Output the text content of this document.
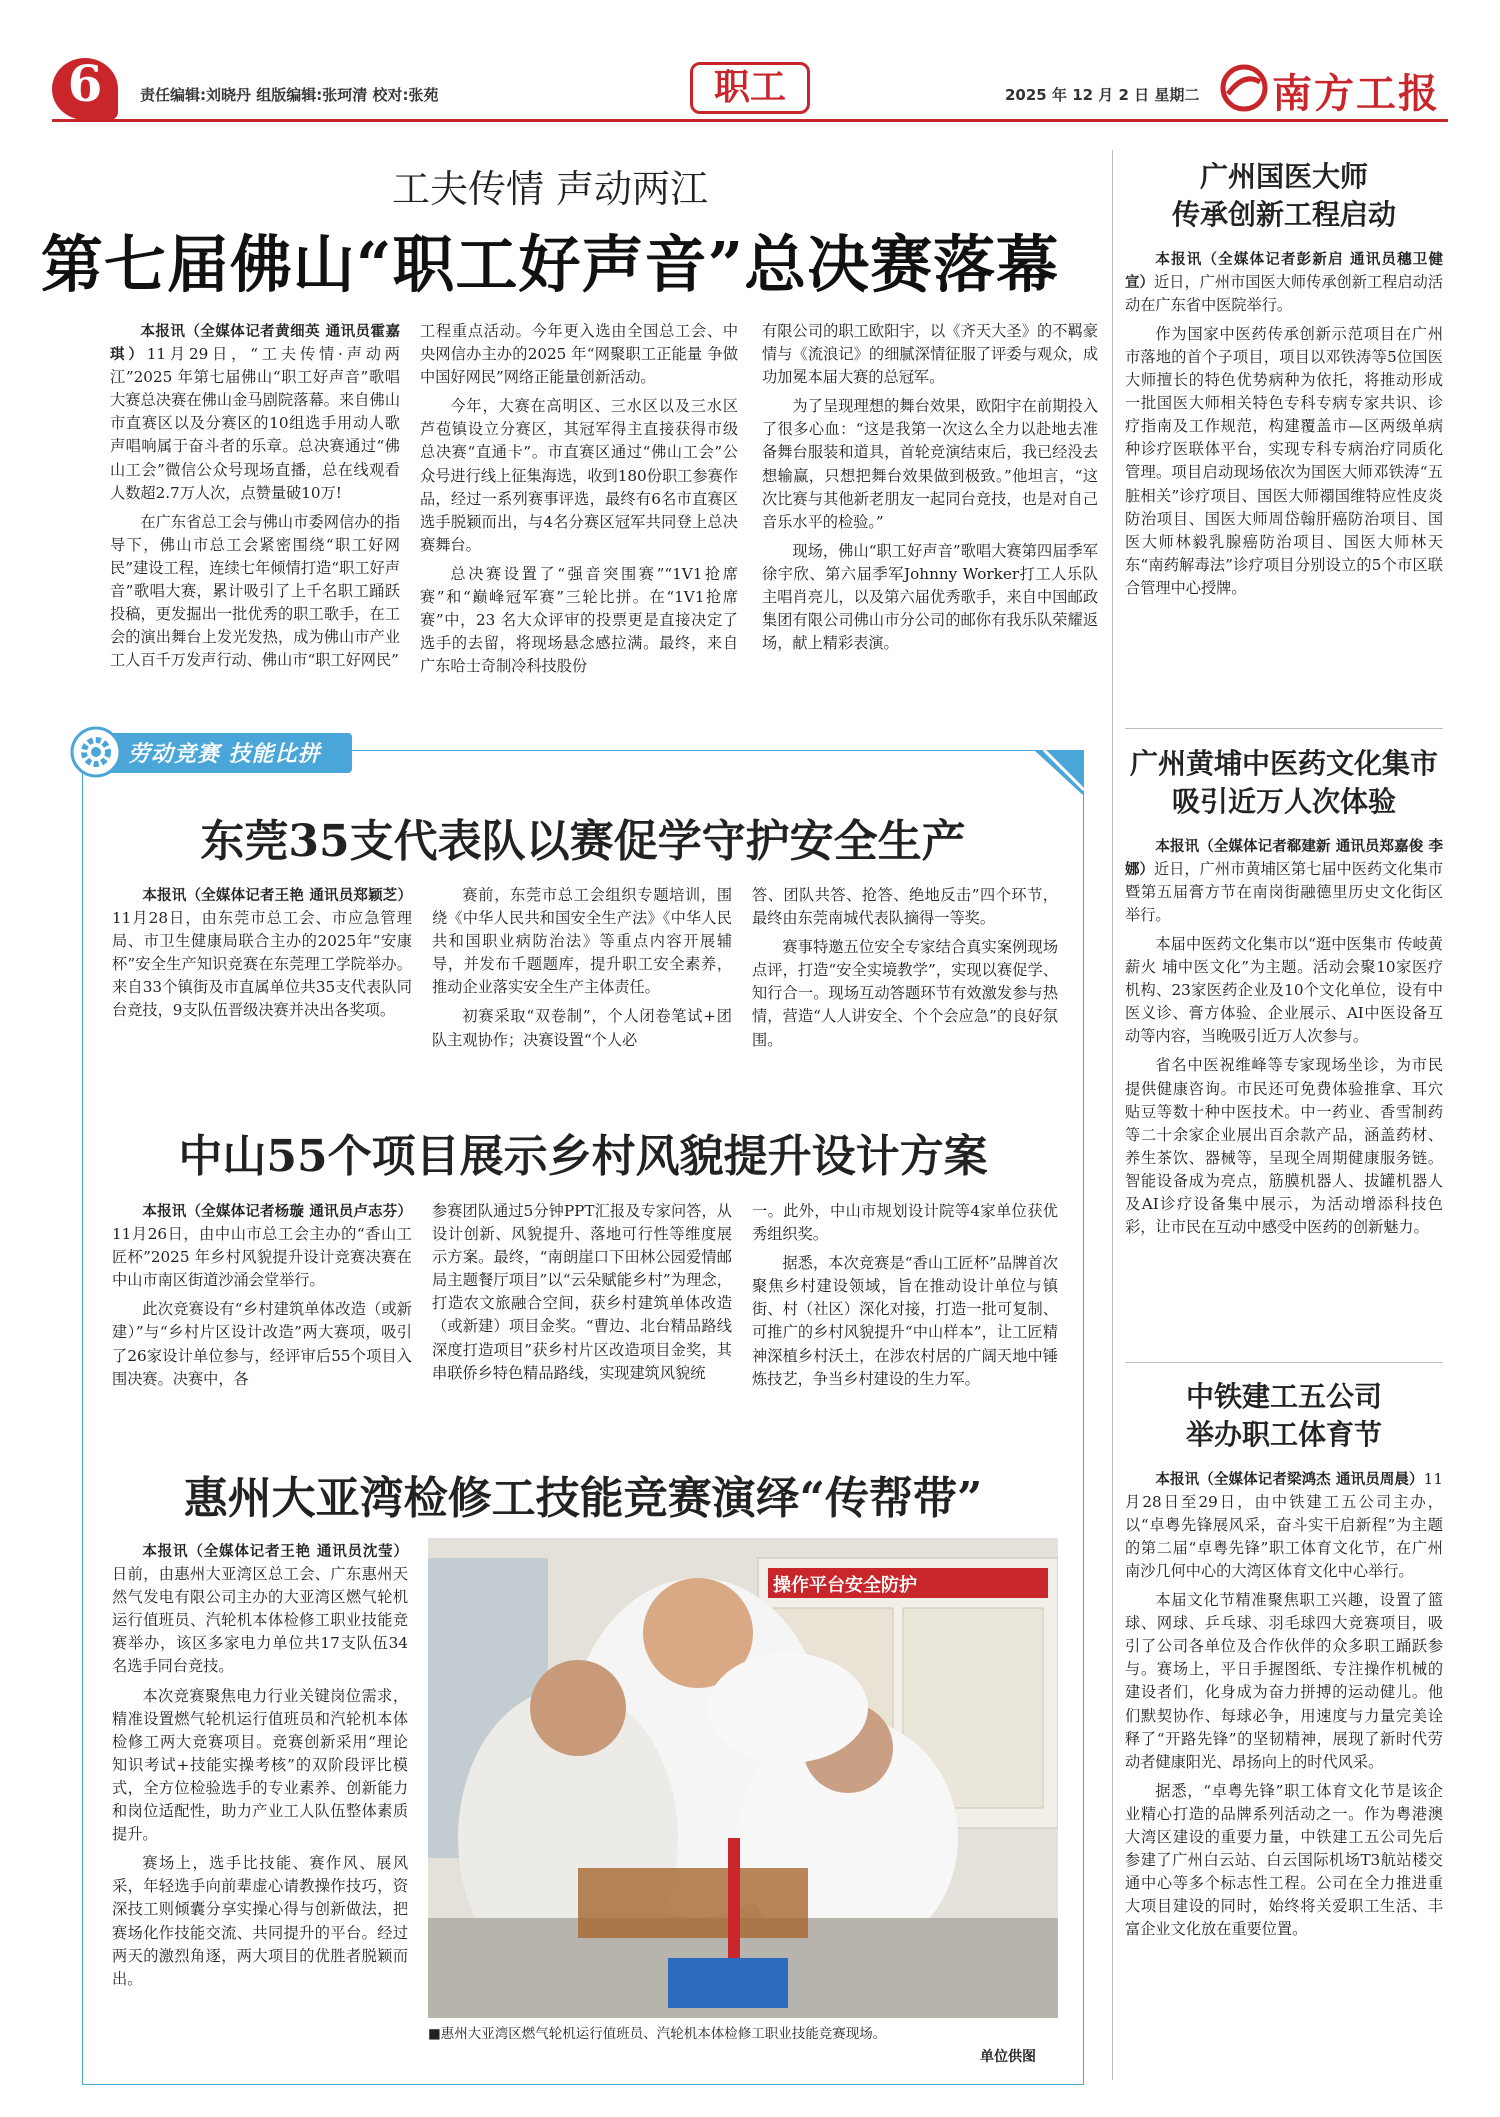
6	责任编辑:刘晓丹 组版编辑:张珂清 校对:张苑	职工	2025 年 12 月 2 日 星期二 南方工报
工夫传情 声动两江
第七届佛山“职工好声音”总决赛落幕

本报讯（全媒体记者黄细英 通讯员霍嘉琪）11月29日，“工夫传情·声动两江”2025 年第七届佛山“职工好声音”歌唱大赛总决赛在佛山金马剧院落幕。来自佛山市直赛区以及分赛区的10组选手用动人歌声唱响属于奋斗者的乐章。总决赛通过“佛山工会”微信公众号现场直播，总在线观看人数超2.7万人次，点赞量破10万!

在广东省总工会与佛山市委网信办的指导下，佛山市总工会紧密围绕“职工好网民”建设工程，连续七年倾情打造“职工好声音”歌唱大赛，累计吸引了上千名职工踊跃投稿，更发掘出一批优秀的职工歌手，在工会的演出舞台上发光发热，成为佛山市产业工人百千万发声行动、佛山市“职工好网民”

工程重点活动。今年更入选由全国总工会、中央网信办主办的2025 年“网聚职工正能量 争做中国好网民”网络正能量创新活动。

今年，大赛在高明区、三水区以及三水区芦苞镇设立分赛区，其冠军得主直接获得市级总决赛“直通卡”。市直赛区通过“佛山工会”公众号进行线上征集海选，收到180份职工参赛作品，经过一系列赛事评选，最终有6名市直赛区选手脱颖而出，与4名分赛区冠军共同登上总决赛舞台。

总决赛设置了“强音突围赛”“1V1抢席赛”和“巅峰冠军赛”三轮比拼。在“1V1抢席赛”中，23 名大众评审的投票更是直接决定了选手的去留，将现场悬念感拉满。最终，来自广东哈士奇制冷科技股份

有限公司的职工欧阳宇，以《齐天大圣》的不羁豪情与《流浪记》的细腻深情征服了评委与观众，成功加冕本届大赛的总冠军。

为了呈现理想的舞台效果，欧阳宇在前期投入了很多心血：“这是我第一次这么全力以赴地去准备舞台服装和道具，首轮竞演结束后，我已经没去想输赢，只想把舞台效果做到极致。”他坦言，“这次比赛与其他新老朋友一起同台竞技，也是对自己音乐水平的检验。”

现场，佛山“职工好声音”歌唱大赛第四届季军徐宇欣、第六届季军Johnny Worker打工人乐队主唱肖亮儿，以及第六届优秀歌手，来自中国邮政集团有限公司佛山市分公司的邮你有我乐队荣耀返场，献上精彩表演。

劳动竞赛 技能比拼
东莞35支代表队以赛促学守护安全生产

本报讯（全媒体记者王艳 通讯员郑颖芝）11月28日，由东莞市总工会、市应急管理局、市卫生健康局联合主办的2025年“安康杯”安全生产知识竞赛在东莞理工学院举办。来自33个镇街及市直属单位共35支代表队同台竞技，9支队伍晋级决赛并决出各奖项。

赛前，东莞市总工会组织专题培训，围绕《中华人民共和国安全生产法》《中华人民共和国职业病防治法》等重点内容开展辅导，并发布千题题库，提升职工安全素养，推动企业落实安全生产主体责任。

初赛采取“双卷制”，个人闭卷笔试+团队主观协作；决赛设置“个人必

答、团队共答、抢答、绝地反击”四个环节，最终由东莞南城代表队摘得一等奖。

赛事特邀五位安全专家结合真实案例现场点评，打造“安全实境教学”，实现以赛促学、知行合一。现场互动答题环节有效激发参与热情，营造“人人讲安全、个个会应急”的良好氛围。

中山55个项目展示乡村风貌提升设计方案

本报讯（全媒体记者杨璇 通讯员卢志芬）11月26日，由中山市总工会主办的“香山工匠杯”2025 年乡村风貌提升设计竞赛决赛在中山市南区街道沙涌会堂举行。

此次竞赛设有“乡村建筑单体改造（或新建）”与“乡村片区设计改造”两大赛项，吸引了26家设计单位参与，经评审后55个项目入围决赛。决赛中，各

参赛团队通过5分钟PPT汇报及专家问答，从设计创新、风貌提升、落地可行性等维度展示方案。最终，“南朗崖口下田林公园爱情邮局主题餐厅项目”以“云朵赋能乡村”为理念，打造农文旅融合空间，获乡村建筑单体改造（或新建）项目金奖。“曹边、北台精品路线深度打造项目”获乡村片区改造项目金奖，其串联侨乡特色精品路线，实现建筑风貌统

一。此外，中山市规划设计院等4家单位获优秀组织奖。

据悉，本次竞赛是“香山工匠杯”品牌首次聚焦乡村建设领域，旨在推动设计单位与镇街、村（社区）深化对接，打造一批可复制、可推广的乡村风貌提升“中山样本”，让工匠精神深植乡村沃土，在涉农村居的广阔天地中锤炼技艺，争当乡村建设的生力军。

惠州大亚湾检修工技能竞赛演绎“传帮带”

本报讯（全媒体记者王艳 通讯员沈莹）日前，由惠州大亚湾区总工会、广东惠州天然气发电有限公司主办的大亚湾区燃气轮机运行值班员、汽轮机本体检修工职业技能竞赛举办，该区多家电力单位共17支队伍34名选手同台竞技。

本次竞赛聚焦电力行业关键岗位需求，精准设置燃气轮机运行值班员和汽轮机本体检修工两大竞赛项目。竞赛创新采用“理论知识考试+技能实操考核”的双阶段评比模式，全方位检验选手的专业素养、创新能力和岗位适配性，助力产业工人队伍整体素质提升。

赛场上，选手比技能、赛作风、展风采，年轻选手向前辈虚心请教操作技巧，资深技工则倾囊分享实操心得与创新做法，把赛场化作技能交流、共同提升的平台。经过两天的激烈角逐，两大项目的优胜者脱颖而出。

操作平台安全防护
■惠州大亚湾区燃气轮机运行值班员、汽轮机本体检修工职业技能竞赛现场。
单位供图

广州国医大师

传承创新工程启动

本报讯（全媒体记者彭新启 通讯员穗卫健宣）近日，广州市国医大师传承创新工程启动活动在广东省中医院举行。

作为国家中医药传承创新示范项目在广州市落地的首个子项目，项目以邓铁涛等5位国医大师擅长的特色优势病种为依托，将推动形成一批国医大师相关特色专科专病专家共识、诊疗指南及工作规范，构建覆盖市—区两级单病种诊疗医联体平台，实现专科专病治疗同质化管理。项目启动现场依次为国医大师邓铁涛“五脏相关”诊疗项目、国医大师禤国维特应性皮炎防治项目、国医大师周岱翰肝癌防治项目、国医大师林毅乳腺癌防治项目、国医大师林天东“南药解毒法”诊疗项目分别设立的5个市区联合管理中心授牌。

广州黄埔中医药文化集市

吸引近万人次体验

本报讯（全媒体记者郗建新 通讯员郑嘉俊 李娜）近日，广州市黄埔区第七届中医药文化集市暨第五届膏方节在南岗街融德里历史文化街区举行。

本届中医药文化集市以“逛中医集市 传岐黄薪火 埔中医文化”为主题。活动会聚10家医疗机构、23家医药企业及10个文化单位，设有中医义诊、膏方体验、企业展示、AI中医设备互动等内容，当晚吸引近万人次参与。

省名中医祝维峰等专家现场坐诊，为市民提供健康咨询。市民还可免费体验推拿、耳穴贴豆等数十种中医技术。中一药业、香雪制药等二十余家企业展出百余款产品，涵盖药材、养生茶饮、器械等，呈现全周期健康服务链。智能设备成为亮点，筋膜机器人、拔罐机器人及AI诊疗设备集中展示，为活动增添科技色彩，让市民在互动中感受中医药的创新魅力。

中铁建工五公司

举办职工体育节

本报讯（全媒体记者梁鸿杰 通讯员周晨）11月28日至29日，由中铁建工五公司主办，以“卓粤先锋展风采，奋斗实干启新程”为主题的第二届“卓粤先锋”职工体育文化节，在广州南沙几何中心的大湾区体育文化中心举行。

本届文化节精准聚焦职工兴趣，设置了篮球、网球、乒乓球、羽毛球四大竞赛项目，吸引了公司各单位及合作伙伴的众多职工踊跃参与。赛场上，平日手握图纸、专注操作机械的建设者们，化身成为奋力拼搏的运动健儿。他们默契协作、每球必争，用速度与力量完美诠释了“开路先锋”的坚韧精神，展现了新时代劳动者健康阳光、昂扬向上的时代风采。

据悉，“卓粤先锋”职工体育文化节是该企业精心打造的品牌系列活动之一。作为粤港澳大湾区建设的重要力量，中铁建工五公司先后参建了广州白云站、白云国际机场T3航站楼交通中心等多个标志性工程。公司在全力推进重大项目建设的同时，始终将关爱职工生活、丰富企业文化放在重要位置。
